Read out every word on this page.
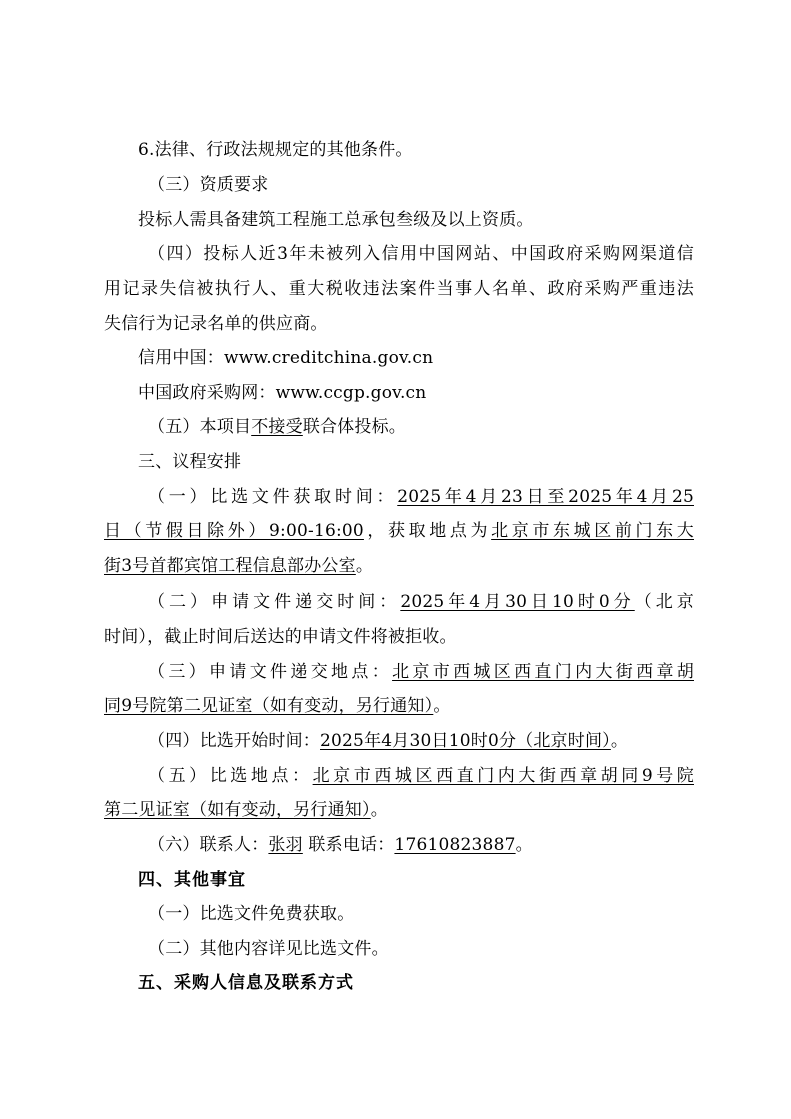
6.法律、行政法规规定的其他条件。
（三）资质要求
投标人需具备建筑工程施工总承包叁级及以上资质。
（四）投标人近3年未被列入信用中国网站、中国政府采购网渠道信
用记录失信被执行人、重大税收违法案件当事人名单、政府采购严重违法
失信行为记录名单的供应商。
信用中国：www.creditchina.gov.cn
中国政府采购网：www.ccgp.gov.cn
（五）本项目不接受联合体投标。
三、议程安排
（一）比选文件获取时间：2025年4月23日至2025年4月25
日（节假日除外）9:00-16:00，获取地点为北京市东城区前门东大
街3号首都宾馆工程信息部办公室。
（二）申请文件递交时间：2025年4月30日10时0分（北京
时间），截止时间后送达的申请文件将被拒收。
（三）申请文件递交地点：北京市西城区西直门内大街西章胡
同9号院第二见证室（如有变动，另行通知）。
（四）比选开始时间：2025年4月30日10时0分（北京时间）。
（五）比选地点：北京市西城区西直门内大街西章胡同9号院
第二见证室（如有变动，另行通知）。
（六）联系人：张羽 联系电话：17610823887。
四、其他事宜
（一）比选文件免费获取。
（二）其他内容详见比选文件。
五、采购人信息及联系方式
